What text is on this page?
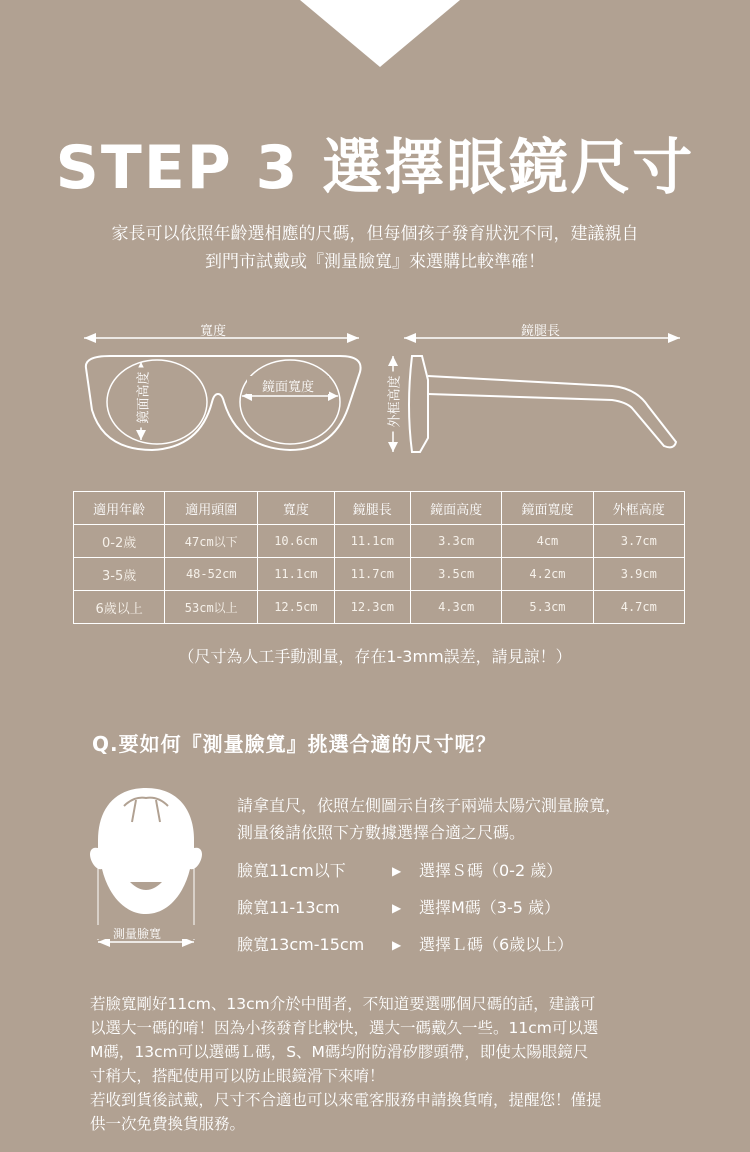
STEP 3 選擇眼鏡尺寸
家長可以依照年齡選相應的尺碼，但每個孩子發育狀況不同，建議親自
到門市試戴或『測量臉寬』來選購比較準確！
寬度	鏡腿長
鏡面寬度
鏡面高度	外框高度
適用年齡	適用頭圍	寬度	鏡腿長	鏡面高度	鏡面寬度	外框高度
0-2歲	47cm以下	10.6cm	11.1cm	3.3cm	4cm	3.7cm
3-5歲	48-52cm	11.1cm	11.7cm	3.5cm	4.2cm	3.9cm
6歲以上	53cm以上	12.5cm	12.3cm	4.3cm	5.3cm	4.7cm
（尺寸為人工手動測量，存在1-3mm誤差，請見諒！）
Q.要如何『測量臉寬』挑選合適的尺寸呢？
測量臉寬
請拿直尺，依照左側圖示自孩子兩端太陽穴測量臉寬，
測量後請依照下方數據選擇合適之尺碼。
臉寬11cm以下	▶ 選擇Ｓ碼（0‑2 歲）
臉寬11-13cm	▶ 選擇M碼（3‑5 歲）
臉寬13cm-15cm ▶ 選擇Ｌ碼（6歲以上）
若臉寬剛好11cm、13cm介於中間者，不知道要選哪個尺碼的話，建議可
以選大一碼的唷！因為小孩發育比較快，選大一碼戴久一些。11cm可以選
M碼，13cm可以選碼Ｌ碼，S、M碼均附防滑矽膠頭帶，即使太陽眼鏡尺
寸稍大，搭配使用可以防止眼鏡滑下來唷！
若收到貨後試戴，尺寸不合適也可以來電客服務申請換貨唷，提醒您！僅提
供一次免費換貨服務。
